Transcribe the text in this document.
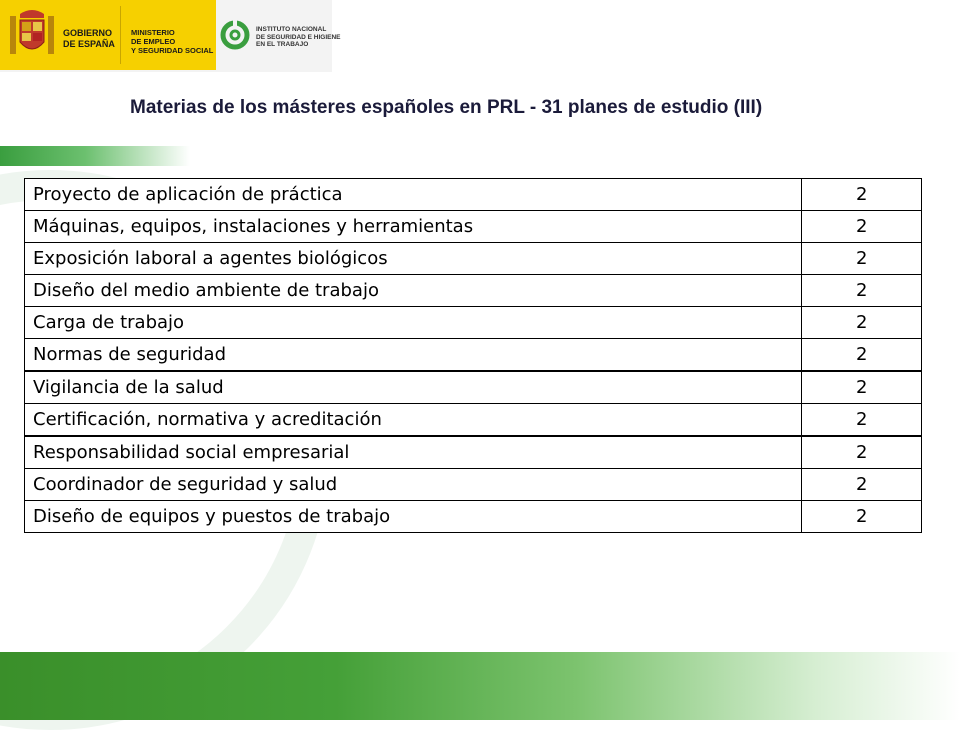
GOBIERNO
DE ESPAÑA
MINISTERIO
DE EMPLEO
Y SEGURIDAD SOCIAL
INSTITUTO NACIONAL
DE SEGURIDAD E HIGIENE
EN EL TRABAJO
Materias de los másteres españoles en PRL - 31 planes de estudio (III)
Proyecto de aplicación de práctica	2
Máquinas, equipos, instalaciones y herramientas	2
Exposición laboral a agentes biológicos	2
Diseño del medio ambiente de trabajo	2
Carga de trabajo	2
Normas de seguridad	2
Vigilancia de la salud	2
Certificación, normativa y acreditación	2
Responsabilidad social empresarial	2
Coordinador de seguridad y salud	2
Diseño de equipos y puestos de trabajo	2
